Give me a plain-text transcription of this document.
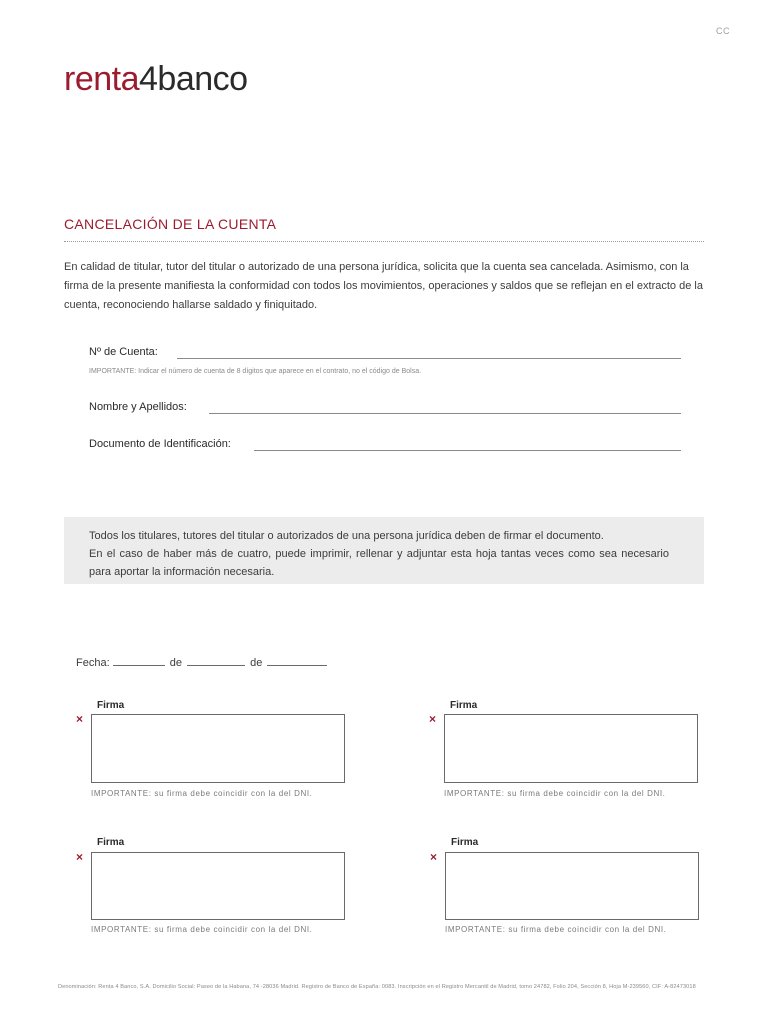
CC
renta4banco
CANCELACIÓN DE LA CUENTA
En calidad de titular, tutor del titular o autorizado de una persona jurídica, solicita que la cuenta sea cancelada. Asimismo, con la firma de la presente manifiesta la conformidad con todos los movimientos, operaciones y saldos que se reflejan en el extracto de la cuenta, reconociendo hallarse saldado y finiquitado.
Nº de Cuenta:
IMPORTANTE: Indicar el número de cuenta de 8 dígitos que aparece en el contrato, no el código de Bolsa.
Nombre y Apellidos:
Documento de Identificación:
Todos los titulares, tutores del titular o autorizados de una persona jurídica deben de firmar el documento.
En el caso de haber más de cuatro, puede imprimir, rellenar y adjuntar esta hoja tantas veces como sea necesario para aportar la información necesaria.
Fecha:	de	de
Firma
×
IMPORTANTE: su firma debe coincidir con la del DNI.
Firma
×
IMPORTANTE: su firma debe coincidir con la del DNI.
Firma
×
IMPORTANTE: su firma debe coincidir con la del DNI.
Firma
×
IMPORTANTE: su firma debe coincidir con la del DNI.
Denominación: Renta 4 Banco, S.A. Domicilio Social: Paseo de la Habana, 74 -28036 Madrid. Registro de Banco de España: 0083. Inscripción en el Registro Mercantil de Madrid, tomo 24782, Folio 204, Sección 8, Hoja M-239560, CIF: A-82473018
